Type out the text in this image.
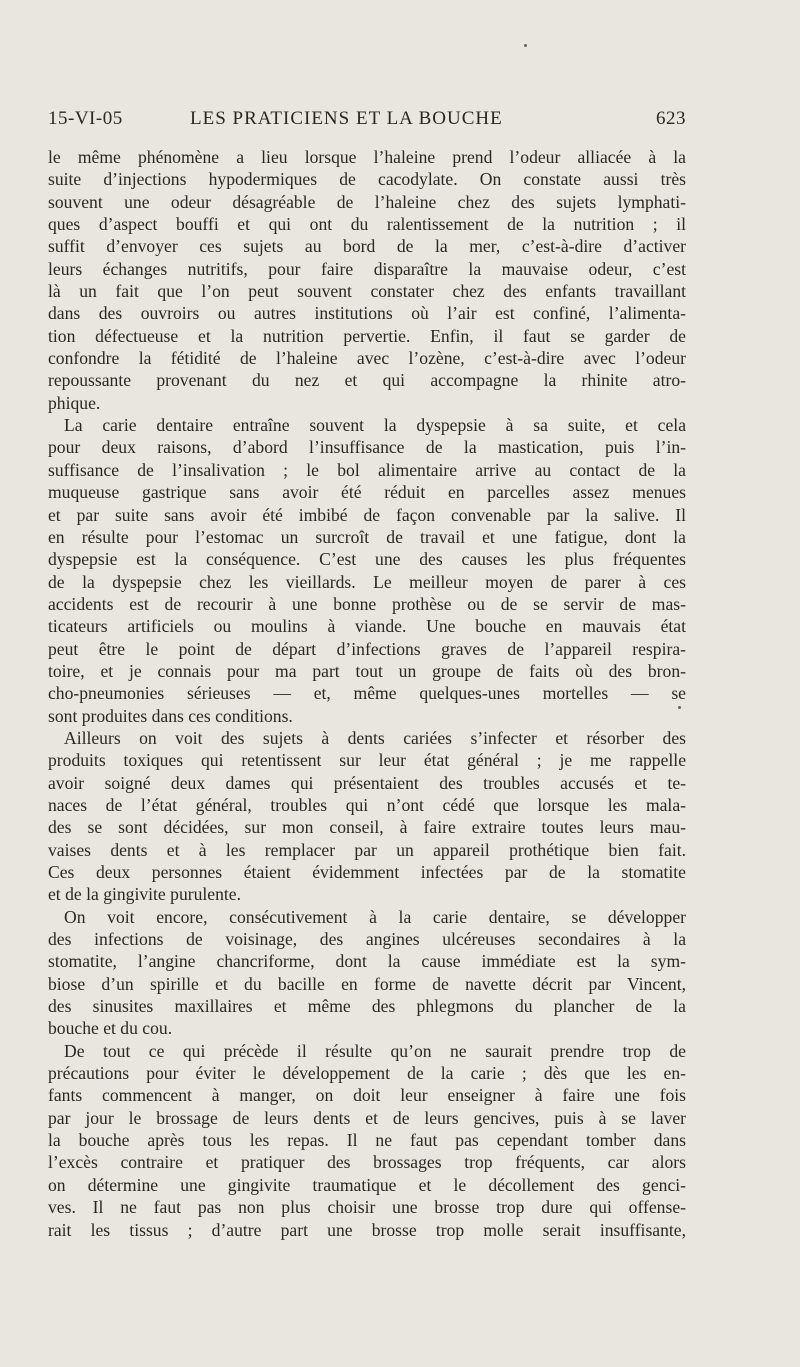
15-VI-05	LES PRATICIENS ET LA BOUCHE	623
le même phénomène a lieu lorsque l’haleine prend l’odeur alliacée à la
suite d’injections hypodermiques de cacodylate. On constate aussi très
souvent une odeur désagréable de l’haleine chez des sujets lymphati-
ques d’aspect bouffi et qui ont du ralentissement de la nutrition ; il
suffit d’envoyer ces sujets au bord de la mer, c’est-à-dire d’activer
leurs échanges nutritifs, pour faire disparaître la mauvaise odeur, c’est
là un fait que l’on peut souvent constater chez des enfants travaillant
dans des ouvroirs ou autres institutions où l’air est confiné, l’alimenta-
tion défectueuse et la nutrition pervertie. Enfin, il faut se garder de
confondre la fétidité de l’haleine avec l’ozène, c’est-à-dire avec l’odeur
repoussante provenant du nez et qui accompagne la rhinite atro-
phique.
La carie dentaire entraîne souvent la dyspepsie à sa suite, et cela
pour deux raisons, d’abord l’insuffisance de la mastication, puis l’in-
suffisance de l’insalivation ; le bol alimentaire arrive au contact de la
muqueuse gastrique sans avoir été réduit en parcelles assez menues
et par suite sans avoir été imbibé de façon convenable par la salive. Il
en résulte pour l’estomac un surcroît de travail et une fatigue, dont la
dyspepsie est la conséquence. C’est une des causes les plus fréquentes
de la dyspepsie chez les vieillards. Le meilleur moyen de parer à ces
accidents est de recourir à une bonne prothèse ou de se servir de mas-
ticateurs artificiels ou moulins à viande. Une bouche en mauvais état
peut être le point de départ d’infections graves de l’appareil respira-
toire, et je connais pour ma part tout un groupe de faits où des bron-
cho-pneumonies sérieuses — et, même quelques-unes mortelles — se
sont produites dans ces conditions.
Ailleurs on voit des sujets à dents cariées s’infecter et résorber des
produits toxiques qui retentissent sur leur état général ; je me rappelle
avoir soigné deux dames qui présentaient des troubles accusés et te-
naces de l’état général, troubles qui n’ont cédé que lorsque les mala-
des se sont décidées, sur mon conseil, à faire extraire toutes leurs mau-
vaises dents et à les remplacer par un appareil prothétique bien fait.
Ces deux personnes étaient évidemment infectées par de la stomatite
et de la gingivite purulente.
On voit encore, consécutivement à la carie dentaire, se développer
des infections de voisinage, des angines ulcéreuses secondaires à la
stomatite, l’angine chancriforme, dont la cause immédiate est la sym-
biose d’un spirille et du bacille en forme de navette décrit par Vincent,
des sinusites maxillaires et même des phlegmons du plancher de la
bouche et du cou.
De tout ce qui précède il résulte qu’on ne saurait prendre trop de
précautions pour éviter le développement de la carie ; dès que les en-
fants commencent à manger, on doit leur enseigner à faire une fois
par jour le brossage de leurs dents et de leurs gencives, puis à se laver
la bouche après tous les repas. Il ne faut pas cependant tomber dans
l’excès contraire et pratiquer des brossages trop fréquents, car alors
on détermine une gingivite traumatique et le décollement des genci-
ves. Il ne faut pas non plus choisir une brosse trop dure qui offense-
rait les tissus ; d’autre part une brosse trop molle serait insuffisante,
